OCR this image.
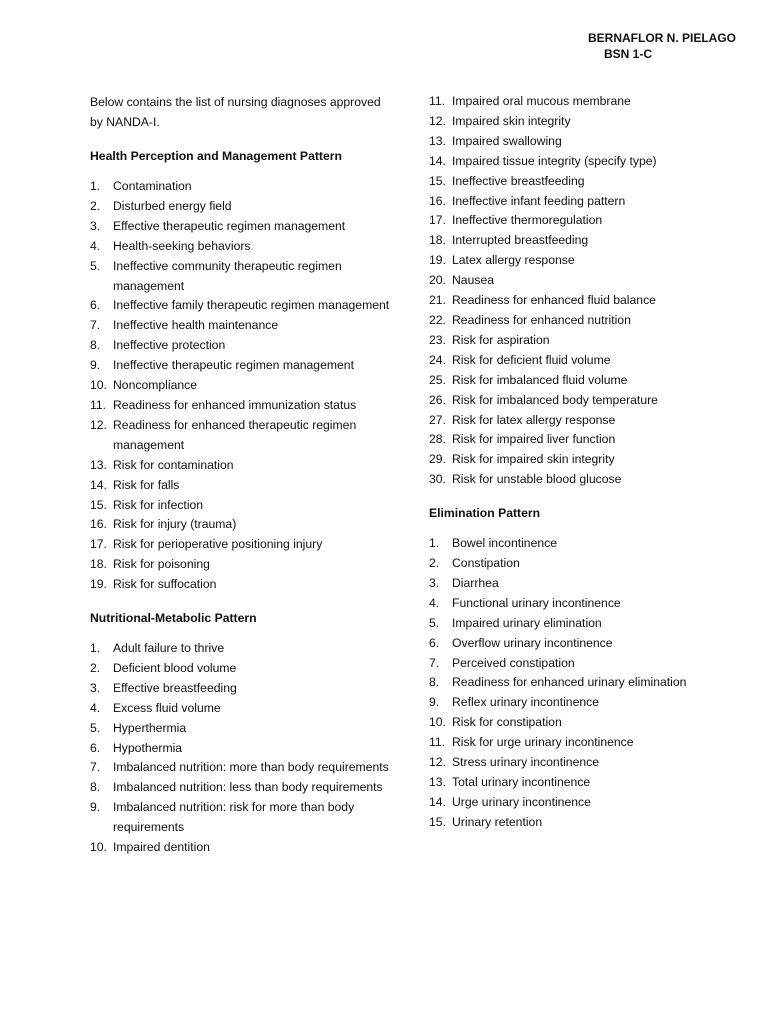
BERNAFLOR N. PIELAGO
BSN 1-C

Below contains the list of nursing diagnoses approved by NANDA-I.

Health Perception and Management Pattern

1.	Contamination
2.	Disturbed energy field
3.	Effective therapeutic regimen management
4.	Health-seeking behaviors
5.	Ineffective community therapeutic regimen management
6.	Ineffective family therapeutic regimen management
7.	Ineffective health maintenance
8.	Ineffective protection
9.	Ineffective therapeutic regimen management
10. Noncompliance
11. Readiness for enhanced immunization status
12. Readiness for enhanced therapeutic regimen management
13. Risk for contamination
14. Risk for falls
15. Risk for infection
16. Risk for injury (trauma)
17. Risk for perioperative positioning injury
18. Risk for poisoning
19. Risk for suffocation

Nutritional-Metabolic Pattern

1.	Adult failure to thrive
2.	Deficient blood volume
3.	Effective breastfeeding
4.	Excess fluid volume
5.	Hyperthermia
6.	Hypothermia
7.	Imbalanced nutrition: more than body requirements
8.	Imbalanced nutrition: less than body requirements
9.	Imbalanced nutrition: risk for more than body requirements
10. Impaired dentition
11. Impaired oral mucous membrane
12. Impaired skin integrity
13. Impaired swallowing
14. Impaired tissue integrity (specify type)
15. Ineffective breastfeeding
16. Ineffective infant feeding pattern
17. Ineffective thermoregulation
18. Interrupted breastfeeding
19. Latex allergy response
20. Nausea
21. Readiness for enhanced fluid balance
22. Readiness for enhanced nutrition
23. Risk for aspiration
24. Risk for deficient fluid volume
25. Risk for imbalanced fluid volume
26. Risk for imbalanced body temperature
27. Risk for latex allergy response
28. Risk for impaired liver function
29. Risk for impaired skin integrity
30. Risk for unstable blood glucose

Elimination Pattern

1.	Bowel incontinence
2.	Constipation
3.	Diarrhea
4.	Functional urinary incontinence
5.	Impaired urinary elimination
6.	Overflow urinary incontinence
7.	Perceived constipation
8.	Readiness for enhanced urinary elimination
9.	Reflex urinary incontinence
10. Risk for constipation
11. Risk for urge urinary incontinence
12. Stress urinary incontinence
13. Total urinary incontinence
14. Urge urinary incontinence
15. Urinary retention
